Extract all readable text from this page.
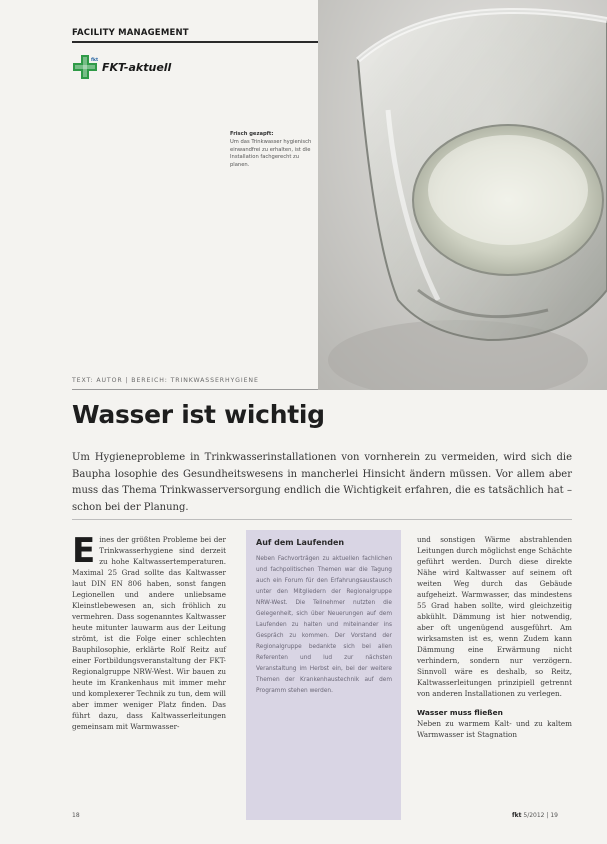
FACILITY MANAGEMENT
fkt FKT-aktuell
Frisch gezapft:
Um das Trinkwasser hygienisch einwandfrei zu erhalten, ist die Installation fachgerecht zu planen.
TEXT: AUTOR | BEREICH: TRINKWASSERHYGIENE
Wasser ist wichtig
Um Hygieneprobleme in Trinkwasserinstallationen von vornherein zu vermeiden, wird sich die Baupha losophie des Gesundheitswesens in mancherlei Hinsicht ändern müssen. Vor allem aber muss das Thema Trinkwasserversorgung endlich die Wichtigkeit erfahren, die es tatsächlich hat – schon bei der Planung.
E ines der größten Probleme bei der Trinkwasserhygiene sind derzeit zu hohe Kaltwassertemperaturen. Maximal 25 Grad sollte das Kaltwasser laut DIN EN 806 haben, sonst fangen Legionellen und andere unliebsame Kleinstlebewesen an, sich fröhlich zu vermehren. Dass sogenanntes Kaltwasser heute mitunter lauwarm aus der Leitung strömt, ist die Folge einer schlechten Bauphilosophie, erklärte Rolf Reitz auf einer Fortbildungsveranstaltung der FKT-Regionalgruppe NRW-West. Wir bauen zu heute im Krankenhaus mit immer mehr und komplexerer Technik zu tun, dem will aber immer weniger Platz finden. Das führt dazu, dass Kaltwasserleitungen gemeinsam mit Warmwasser-

Auf dem Laufenden
Neben Fachvorträgen zu aktuellen fachlichen und fachpolitischen Themen war die Tagung auch ein Forum für den Erfahrungsaustausch unter den Mitgliedern der Regionalgruppe NRW-West. Die Teilnehmer nutzten die Gelegenheit, sich über Neuerungen auf dem Laufenden zu halten und miteinander ins Gespräch zu kommen. Der Vorstand der Regionalgruppe bedankte sich bei allen Referenten und lud zur nächsten Veranstaltung im Herbst ein, bei der weitere Themen der Krankenhaustechnik auf dem Programm stehen werden.

und sonstigen Wärme abstrahlenden Leitungen durch möglichst enge Schächte geführt werden. Durch diese direkte Nähe wird Kaltwasser auf seinem oft weiten Weg durch das Gebäude aufgeheizt. Warmwasser, das mindestens 55 Grad haben sollte, wird gleichzeitig abkühlt. Dämmung ist hier notwendig, aber oft ungenügend ausgeführt. Am wirksamsten ist es, wenn Zudem kann Dämmung eine Erwärmung nicht verhindern, sondern nur verzögern. Sinnvoll wäre es deshalb, so Reitz, Kaltwasserleitungen prinzipiell getrennt von anderen Installationen zu verlegen.

Wasser muss fließen

Neben zu warmem Kalt- und zu kaltem Warmwasser ist Stagnation

18	fkt 5/2012 | 19
